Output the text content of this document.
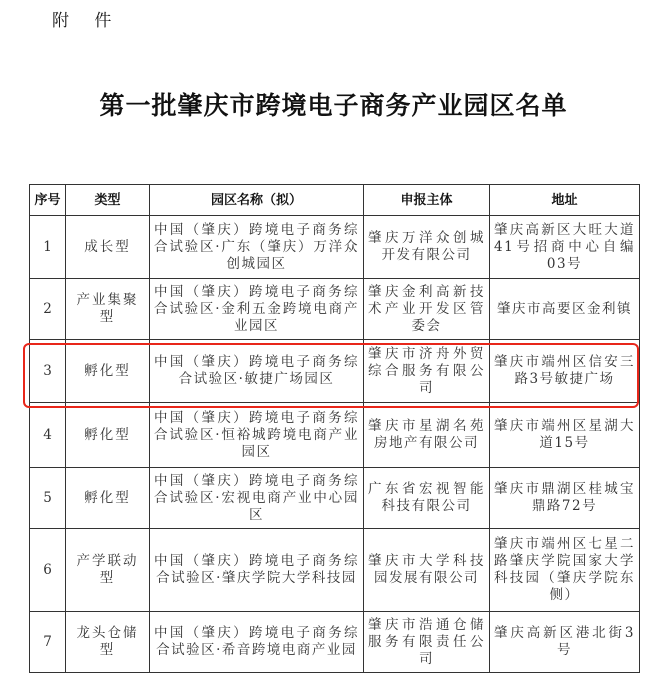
附 件
第一批肇庆市跨境电子商务产业园区名单
序号	类型	园区名称（拟）	申报主体	地址
1	成长型	中国（肇庆）跨境电子商务综合试验区·广东（肇庆）万洋众创城园区	肇庆万洋众创城开发有限公司	肇庆高新区大旺大道41号招商中心自编03号
2	产业集聚型	中国（肇庆）跨境电子商务综合试验区·金利五金跨境电商产业园区	肇庆金利高新技术产业开发区管委会	肇庆市高要区金利镇
3	孵化型	中国（肇庆）跨境电子商务综合试验区·敏捷广场园区	肇庆市济舟外贸综合服务有限公司	肇庆市端州区信安三路3号敏捷广场
4	孵化型	中国（肇庆）跨境电子商务综合试验区·恒裕城跨境电商产业园区	肇庆市星湖名苑房地产有限公司	肇庆市端州区星湖大道15号
5	孵化型	中国（肇庆）跨境电子商务综合试验区·宏视电商产业中心园区	广东省宏视智能科技有限公司	肇庆市鼎湖区桂城宝鼎路72号
6	产学联动型	中国（肇庆）跨境电子商务综合试验区·肇庆学院大学科技园	肇庆市大学科技园发展有限公司	肇庆市端州区七星二路肇庆学院国家大学科技园（肇庆学院东侧）
7	龙头仓储型	中国（肇庆）跨境电子商务综合试验区·希音跨境电商产业园	肇庆市浩通仓储服务有限责任公司	肇庆高新区港北街3号
